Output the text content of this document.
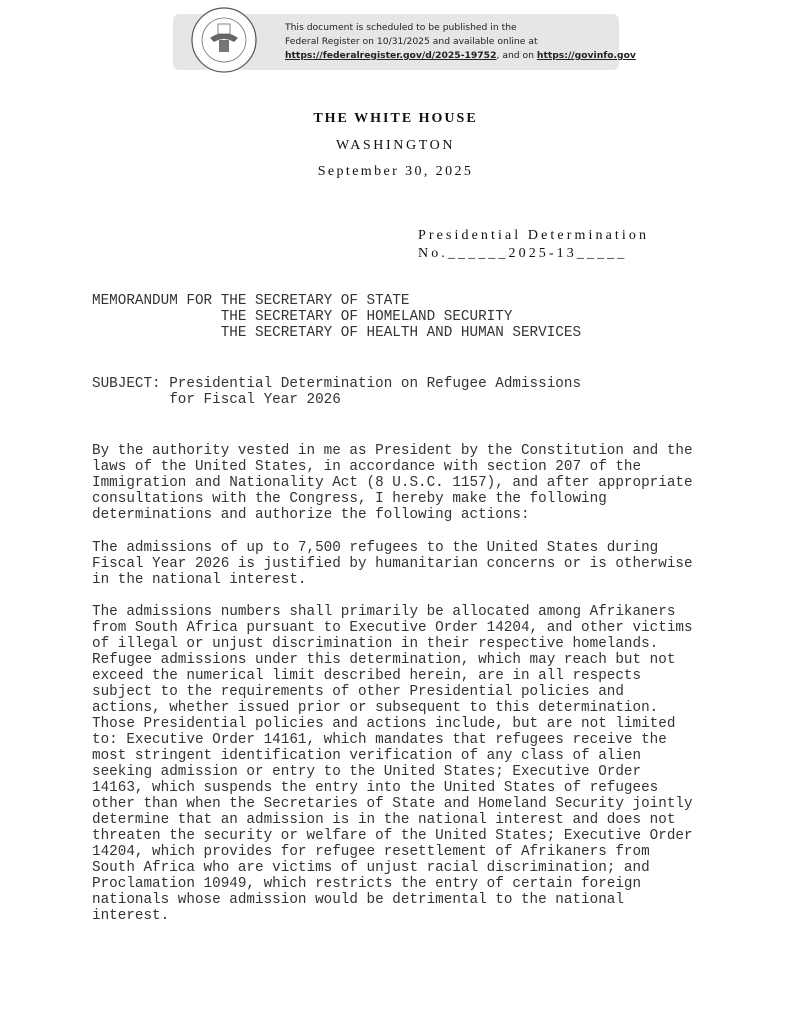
This document is scheduled to be published in the
Federal Register on 10/31/2025 and available online at
https://federalregister.gov/d/2025-19752, and on https://govinfo.gov
THE WHITE HOUSE
WASHINGTON
September 30, 2025
Presidential Determination
No.______2025-13_____
MEMORANDUM FOR THE SECRETARY OF STATE
THE SECRETARY OF HOMELAND SECURITY
THE SECRETARY OF HEALTH AND HUMAN SERVICES
SUBJECT: Presidential Determination on Refugee Admissions
for Fiscal Year 2026
By the authority vested in me as President by the Constitution and the
laws of the United States, in accordance with section 207 of the
Immigration and Nationality Act (8 U.S.C. 1157), and after appropriate
consultations with the Congress, I hereby make the following
determinations and authorize the following actions:
The admissions of up to 7,500 refugees to the United States during
Fiscal Year 2026 is justified by humanitarian concerns or is otherwise
in the national interest.
The admissions numbers shall primarily be allocated among Afrikaners
from South Africa pursuant to Executive Order 14204, and other victims
of illegal or unjust discrimination in their respective homelands.
Refugee admissions under this determination, which may reach but not
exceed the numerical limit described herein, are in all respects
subject to the requirements of other Presidential policies and
actions, whether issued prior or subsequent to this determination.
Those Presidential policies and actions include, but are not limited
to: Executive Order 14161, which mandates that refugees receive the
most stringent identification verification of any class of alien
seeking admission or entry to the United States; Executive Order
14163, which suspends the entry into the United States of refugees
other than when the Secretaries of State and Homeland Security jointly
determine that an admission is in the national interest and does not
threaten the security or welfare of the United States; Executive Order
14204, which provides for refugee resettlement of Afrikaners from
South Africa who are victims of unjust racial discrimination; and
Proclamation 10949, which restricts the entry of certain foreign
nationals whose admission would be detrimental to the national
interest.
